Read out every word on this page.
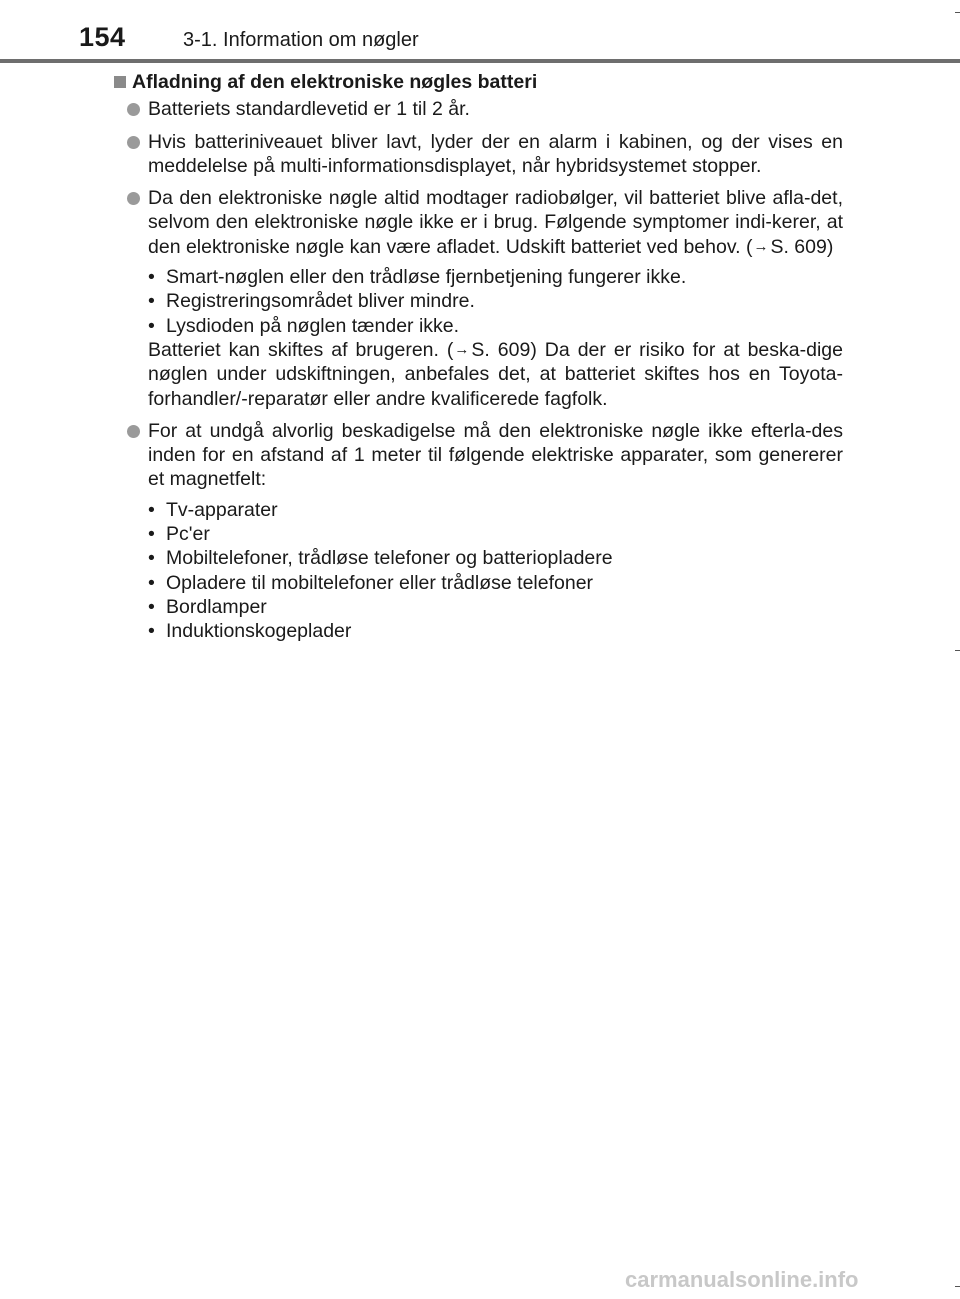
154	3-1. Information om nøgler
Afladning af den elektroniske nøgles batteri
Batteriets standardlevetid er 1 til 2 år.
Hvis batteriniveauet bliver lavt, lyder der en alarm i kabinen, og der vises en meddelelse på multi-informationsdisplayet, når hybridsystemet stopper.
Da den elektroniske nøgle altid modtager radiobølger, vil batteriet blive afla-det, selvom den elektroniske nøgle ikke er i brug. Følgende symptomer indi-kerer, at den elektroniske nøgle kan være afladet. Udskift batteriet ved behov. (→ S. 609)
• Smart-nøglen eller den trådløse fjernbetjening fungerer ikke.
• Registreringsområdet bliver mindre.
• Lysdioden på nøglen tænder ikke.
Batteriet kan skiftes af brugeren. (→ S. 609) Da der er risiko for at beska-dige nøglen under udskiftningen, anbefales det, at batteriet skiftes hos en Toyota-forhandler/-reparatør eller andre kvalificerede fagfolk.
For at undgå alvorlig beskadigelse må den elektroniske nøgle ikke efterla-des inden for en afstand af 1 meter til følgende elektriske apparater, som genererer et magnetfelt:
• Tv-apparater
• Pc'er
• Mobiltelefoner, trådløse telefoner og batteriopladere
• Opladere til mobiltelefoner eller trådløse telefoner
• Bordlamper
• Induktionskogeplader
carmanualsonline.info
